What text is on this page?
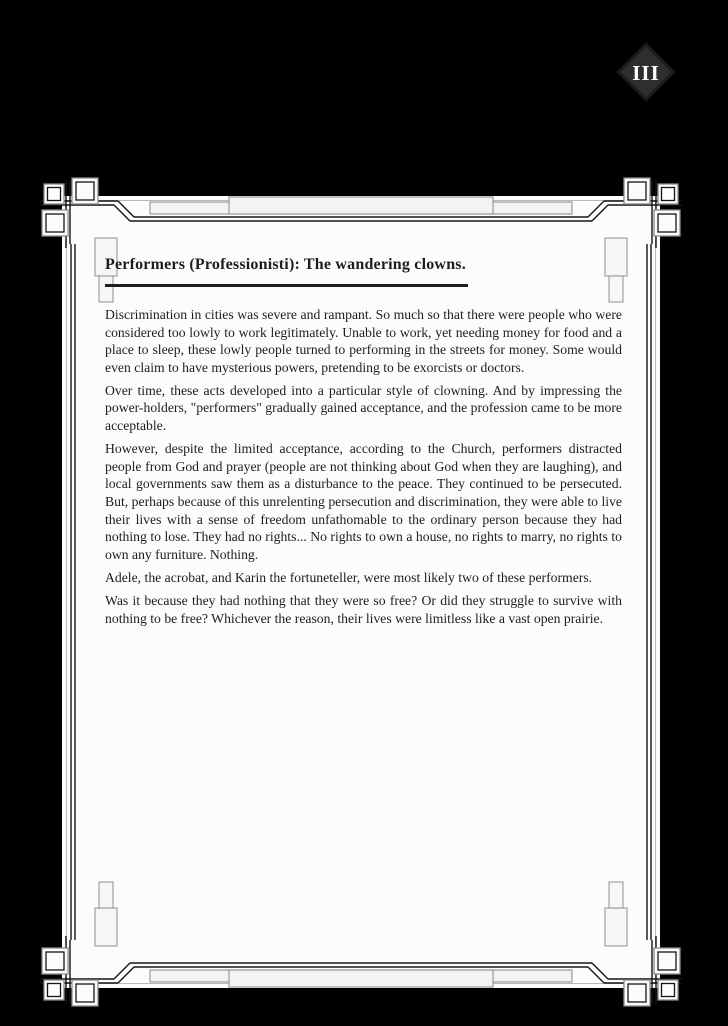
III
Performers (Professionisti): The wandering clowns.

Discrimination in cities was severe and rampant. So much so that there were people who were considered too lowly to work legitimately. Unable to work, yet needing money for food and a place to sleep, these lowly people turned to performing in the streets for money. Some would even claim to have mysterious powers, pretending to be exorcists or doctors.

Over time, these acts developed into a particular style of clowning. And by impressing the power-holders, "performers" gradually gained acceptance, and the profession came to be more acceptable.

However, despite the limited acceptance, according to the Church, performers distracted people from God and prayer (people are not thinking about God when they are laughing), and local governments saw them as a disturbance to the peace. They continued to be persecuted. But, perhaps because of this unrelenting persecution and discrimination, they were able to live their lives with a sense of freedom unfathomable to the ordinary person because they had nothing to lose. They had no rights... No rights to own a house, no rights to marry, no rights to own any furniture. Nothing.

Adele, the acrobat, and Karin the fortuneteller, were most likely two of these performers.

Was it because they had nothing that they were so free? Or did they struggle to survive with nothing to be free? Whichever the reason, their lives were limitless like a vast open prairie.
